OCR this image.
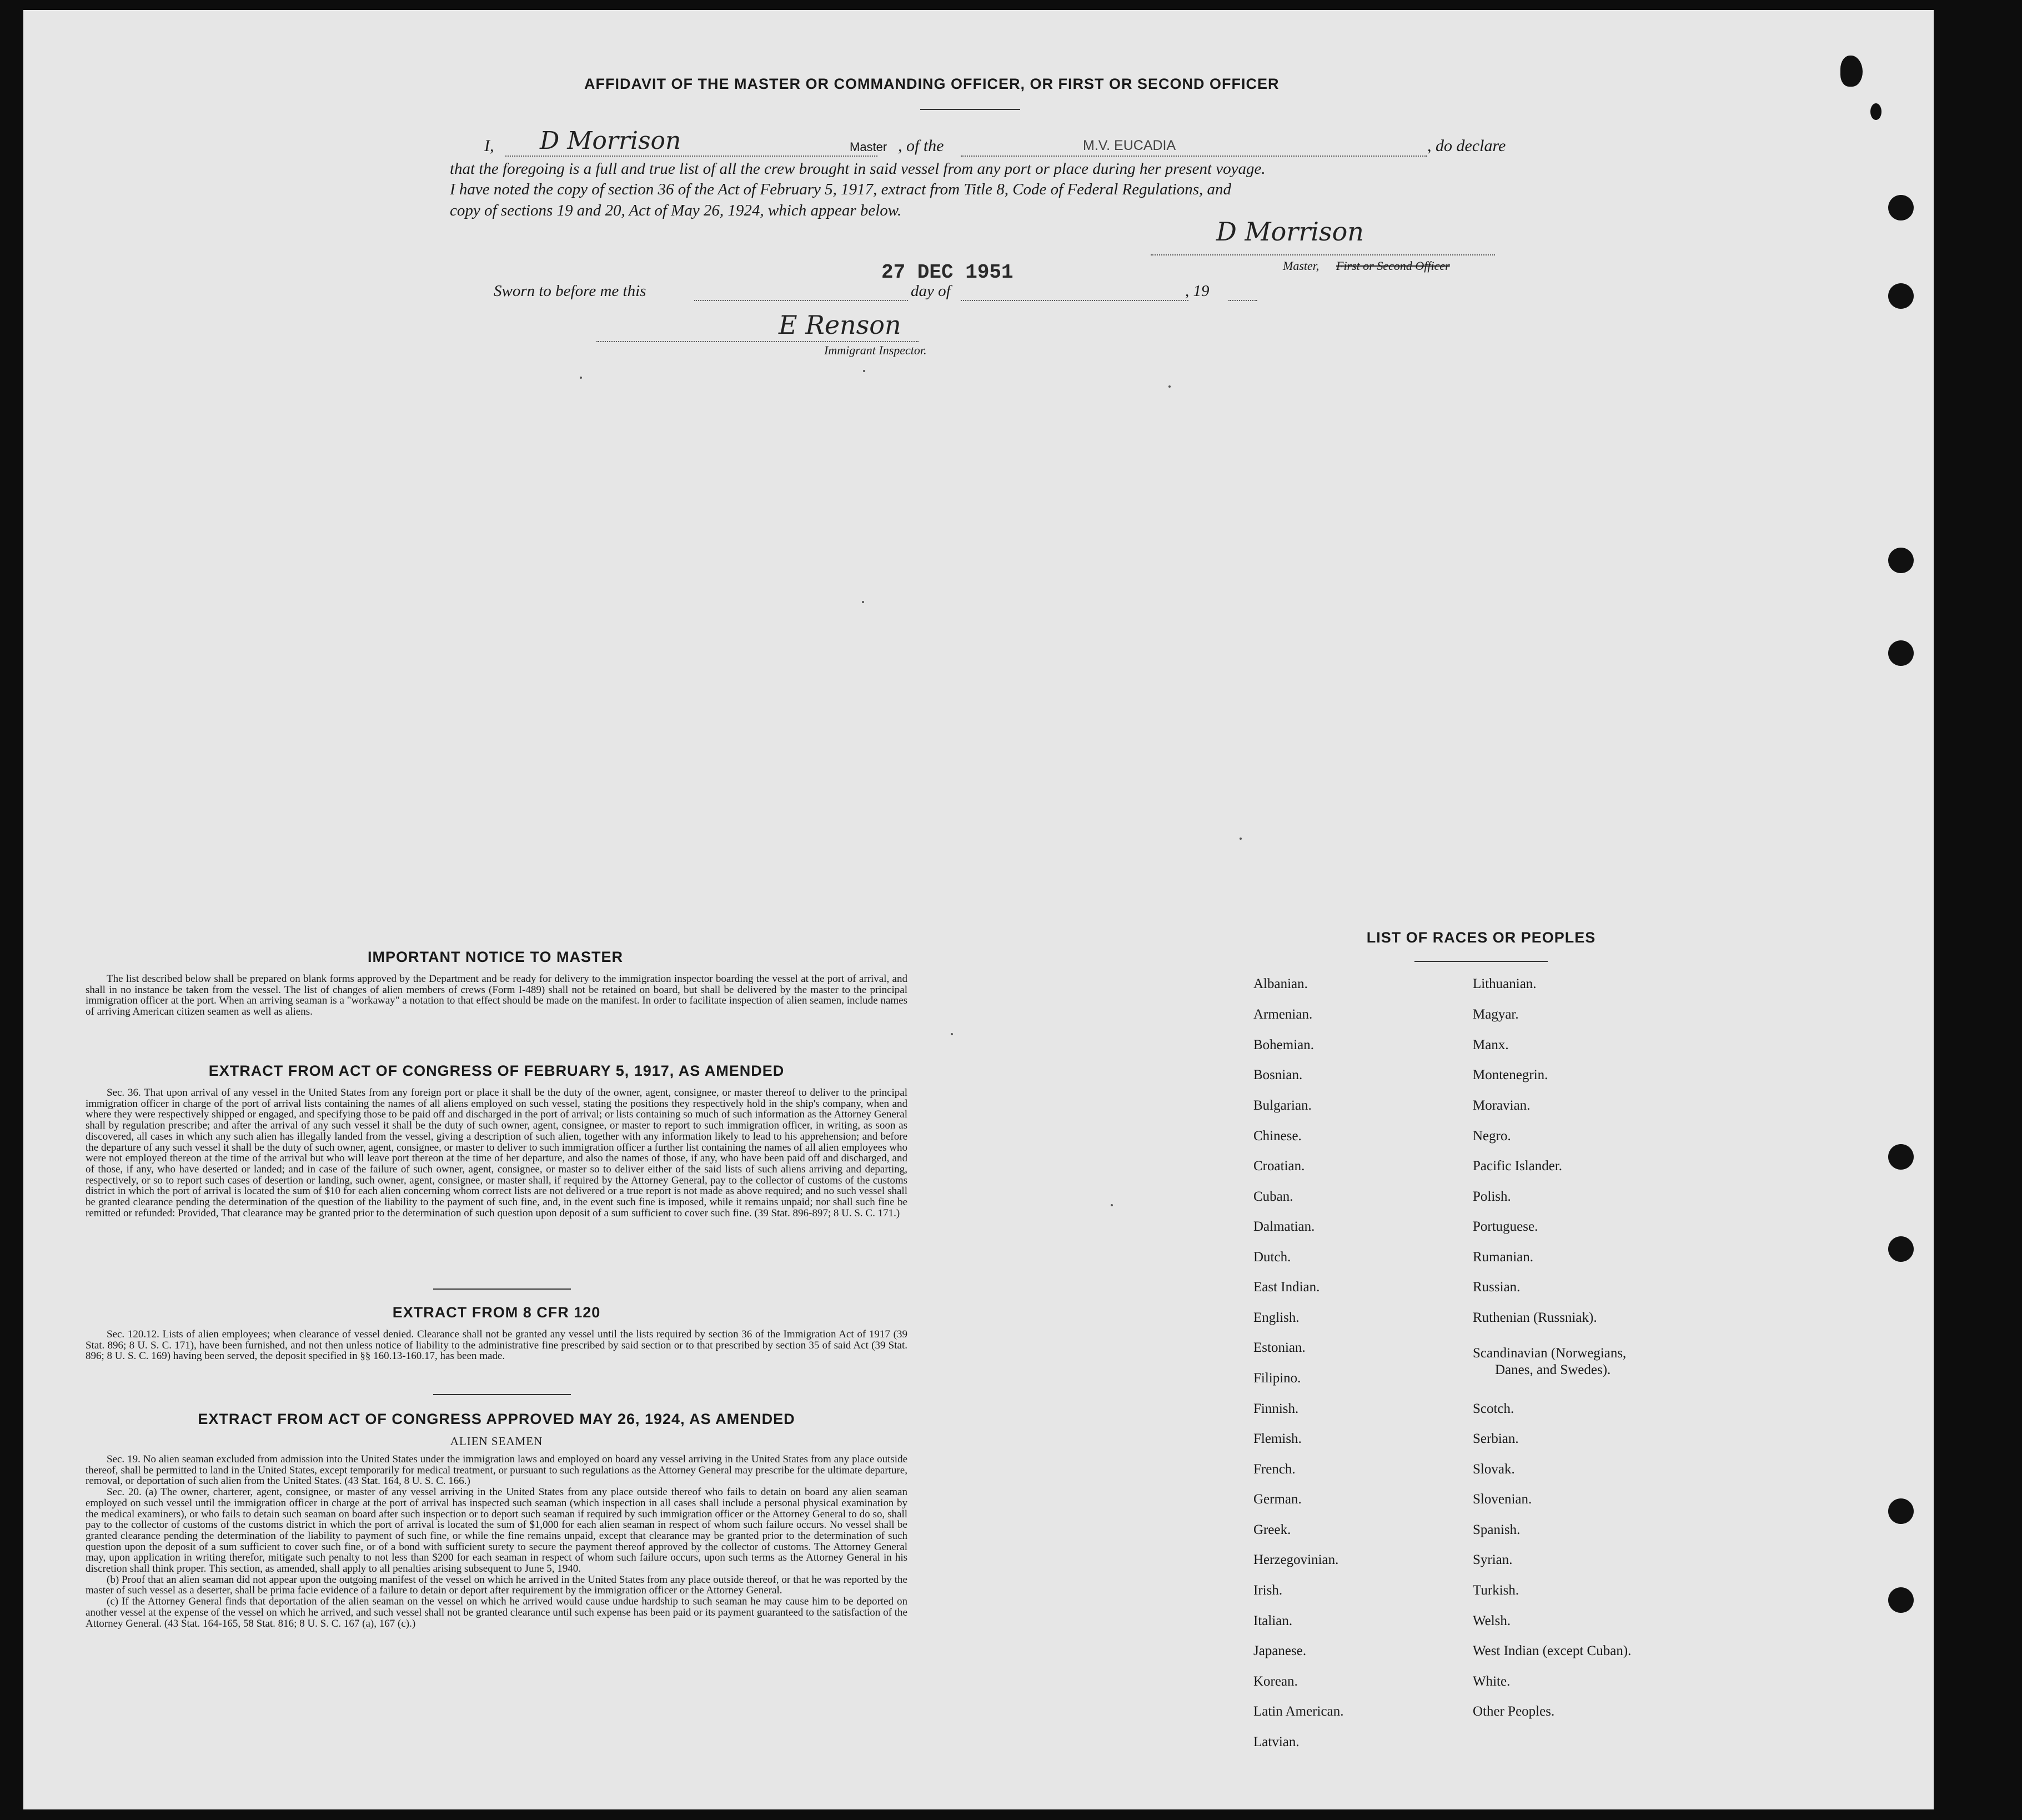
AFFIDAVIT OF THE MASTER OR COMMANDING OFFICER, OR FIRST OR SECOND OFFICER
I, D Morrison	Master , of the	M.V. EUCADIA	, do declare
that the foregoing is a full and true list of all the crew brought in said vessel from any port or place during her present voyage.
I have noted the copy of section 36 of the Act of February 5, 1917, extract from Title 8, Code of Federal Regulations, and
copy of sections 19 and 20, Act of May 26, 1924, which appear below.
D Morrison
Master, First or Second Officer
Sworn to before me this
27 DEC 1951
day of	, 19
E Renson
Immigrant Inspector.
IMPORTANT NOTICE TO MASTER

The list described below shall be prepared on blank forms approved by the Department and be ready for delivery to the immigration inspector boarding the vessel at the port of arrival, and shall in no instance be taken from the vessel. The list of changes of alien members of crews (Form I-489) shall not be retained on board, but shall be delivered by the master to the principal immigration officer at the port. When an arriving seaman is a "workaway" a notation to that effect should be made on the manifest. In order to facilitate inspection of alien seamen, include names of arriving American citizen seamen as well as aliens.

EXTRACT FROM ACT OF CONGRESS OF FEBRUARY 5, 1917, AS AMENDED

Sec. 36. That upon arrival of any vessel in the United States from any foreign port or place it shall be the duty of the owner, agent, consignee, or master thereof to deliver to the principal immigration officer in charge of the port of arrival lists containing the names of all aliens employed on such vessel, stating the positions they respectively hold in the ship's company, when and where they were respectively shipped or engaged, and specifying those to be paid off and discharged in the port of arrival; or lists containing so much of such information as the Attorney General shall by regulation prescribe; and after the arrival of any such vessel it shall be the duty of such owner, agent, consignee, or master to report to such immigration officer, in writing, as soon as discovered, all cases in which any such alien has illegally landed from the vessel, giving a description of such alien, together with any information likely to lead to his apprehension; and before the departure of any such vessel it shall be the duty of such owner, agent, consignee, or master to deliver to such immigration officer a further list containing the names of all alien employees who were not employed thereon at the time of the arrival but who will leave port thereon at the time of her departure, and also the names of those, if any, who have been paid off and discharged, and of those, if any, who have deserted or landed; and in case of the failure of such owner, agent, consignee, or master so to deliver either of the said lists of such aliens arriving and departing, respectively, or so to report such cases of desertion or landing, such owner, agent, consignee, or master shall, if required by the Attorney General, pay to the collector of customs of the customs district in which the port of arrival is located the sum of $10 for each alien concerning whom correct lists are not delivered or a true report is not made as above required; and no such vessel shall be granted clearance pending the determination of the question of the liability to the payment of such fine, and, in the event such fine is imposed, while it remains unpaid; nor shall such fine be remitted or refunded: Provided, That clearance may be granted prior to the determination of such question upon deposit of a sum sufficient to cover such fine. (39 Stat. 896-897; 8 U. S. C. 171.)

EXTRACT FROM 8 CFR 120

Sec. 120.12. Lists of alien employees; when clearance of vessel denied. Clearance shall not be granted any vessel until the lists required by section 36 of the Immigration Act of 1917 (39 Stat. 896; 8 U. S. C. 171), have been furnished, and not then unless notice of liability to the administrative fine prescribed by said section or to that prescribed by section 35 of said Act (39 Stat. 896; 8 U. S. C. 169) having been served, the deposit specified in §§ 160.13-160.17, has been made.

EXTRACT FROM ACT OF CONGRESS APPROVED MAY 26, 1924, AS AMENDED
ALIEN SEAMEN

Sec. 19. No alien seaman excluded from admission into the United States under the immigration laws and employed on board any vessel arriving in the United States from any place outside thereof, shall be permitted to land in the United States, except temporarily for medical treatment, or pursuant to such regulations as the Attorney General may prescribe for the ultimate departure, removal, or deportation of such alien from the United States. (43 Stat. 164, 8 U. S. C. 166.)

Sec. 20. (a) The owner, charterer, agent, consignee, or master of any vessel arriving in the United States from any place outside thereof who fails to detain on board any alien seaman employed on such vessel until the immigration officer in charge at the port of arrival has inspected such seaman (which inspection in all cases shall include a personal physical examination by the medical examiners), or who fails to detain such seaman on board after such inspection or to deport such seaman if required by such immigration officer or the Attorney General to do so, shall pay to the collector of customs of the customs district in which the port of arrival is located the sum of $1,000 for each alien seaman in respect of whom such failure occurs. No vessel shall be granted clearance pending the determination of the liability to payment of such fine, or while the fine remains unpaid, except that clearance may be granted prior to the determination of such question upon the deposit of a sum sufficient to cover such fine, or of a bond with sufficient surety to secure the payment thereof approved by the collector of customs. The Attorney General may, upon application in writing therefor, mitigate such penalty to not less than $200 for each seaman in respect of whom such failure occurs, upon such terms as the Attorney General in his discretion shall think proper. This section, as amended, shall apply to all penalties arising subsequent to June 5, 1940.

(b) Proof that an alien seaman did not appear upon the outgoing manifest of the vessel on which he arrived in the United States from any place outside thereof, or that he was reported by the master of such vessel as a deserter, shall be prima facie evidence of a failure to detain or deport after requirement by the immigration officer or the Attorney General.

(c) If the Attorney General finds that deportation of the alien seaman on the vessel on which he arrived would cause undue hardship to such seaman he may cause him to be deported on another vessel at the expense of the vessel on which he arrived, and such vessel shall not be granted clearance until such expense has been paid or its payment guaranteed to the satisfaction of the Attorney General. (43 Stat. 164-165, 58 Stat. 816; 8 U. S. C. 167 (a), 167 (c).)

LIST OF RACES OR PEOPLES
Albanian.
Armenian.
Bohemian.
Bosnian.
Bulgarian.
Chinese.
Croatian.
Cuban.
Dalmatian.
Dutch.
East Indian.
English.
Estonian.
Filipino.
Finnish.
Flemish.
French.
German.
Greek.
Herzegovinian.
Irish.
Italian.
Japanese.
Korean.
Latin American.
Latvian.
Lithuanian.
Magyar.
Manx.
Montenegrin.
Moravian.
Negro.
Pacific Islander.
Polish.
Portuguese.
Rumanian.
Russian.
Ruthenian (Russniak).
Scandinavian (Norwegians,
Danes, and Swedes).
Scotch.
Serbian.
Slovak.
Slovenian.
Spanish.
Syrian.
Turkish.
Welsh.
West Indian (except Cuban).
White.
Other Peoples.
